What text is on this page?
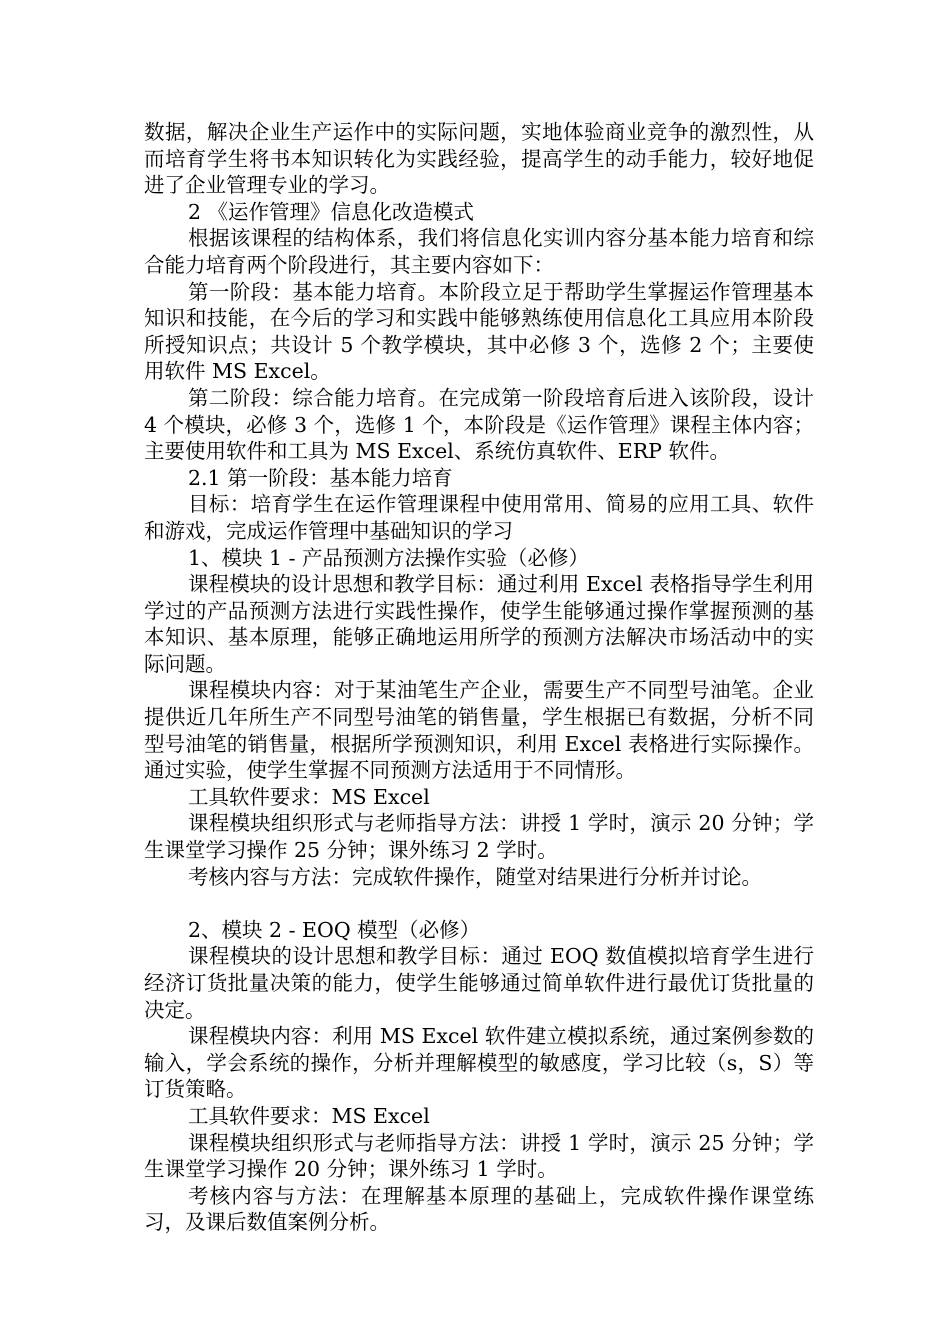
数据，解决企业生产运作中的实际问题，实地体验商业竞争的激烈性，从而培育学生将书本知识转化为实践经验，提高学生的动手能力，较好地促进了企业管理专业的学习。

2 《运作管理》信息化改造模式

根据该课程的结构体系，我们将信息化实训内容分基本能力培育和综合能力培育两个阶段进行，其主要内容如下：

第一阶段：基本能力培育。本阶段立足于帮助学生掌握运作管理基本知识和技能，在今后的学习和实践中能够熟练使用信息化工具应用本阶段所授知识点；共设计 5 个教学模块，其中必修 3 个，选修 2 个；主要使用软件 MS Excel。

第二阶段：综合能力培育。在完成第一阶段培育后进入该阶段，设计 4 个模块，必修 3 个，选修 1 个，本阶段是《运作管理》课程主体内容；主要使用软件和工具为 MS Excel、系统仿真软件、ERP 软件。

2.1 第一阶段：基本能力培育

目标：培育学生在运作管理课程中使用常用、简易的应用工具、软件和游戏，完成运作管理中基础知识的学习

1、模块 1 - 产品预测方法操作实验（必修）

课程模块的设计思想和教学目标：通过利用 Excel 表格指导学生利用学过的产品预测方法进行实践性操作，使学生能够通过操作掌握预测的基本知识、基本原理，能够正确地运用所学的预测方法解决市场活动中的实际问题。

课程模块内容：对于某油笔生产企业，需要生产不同型号油笔。企业提供近几年所生产不同型号油笔的销售量，学生根据已有数据，分析不同型号油笔的销售量，根据所学预测知识，利用 Excel 表格进行实际操作。通过实验，使学生掌握不同预测方法适用于不同情形。

工具软件要求：MS Excel

课程模块组织形式与老师指导方法：讲授 1 学时，演示 20 分钟；学生课堂学习操作 25 分钟；课外练习 2 学时。

考核内容与方法：完成软件操作，随堂对结果进行分析并讨论。

2、模块 2 - EOQ 模型（必修）

课程模块的设计思想和教学目标：通过 EOQ 数值模拟培育学生进行经济订货批量决策的能力，使学生能够通过简单软件进行最优订货批量的决定。

课程模块内容：利用 MS Excel 软件建立模拟系统，通过案例参数的输入，学会系统的操作，分析并理解模型的敏感度，学习比较（s，S）等订货策略。

工具软件要求：MS Excel

课程模块组织形式与老师指导方法：讲授 1 学时，演示 25 分钟；学生课堂学习操作 20 分钟；课外练习 1 学时。

考核内容与方法：在理解基本原理的基础上，完成软件操作课堂练习，及课后数值案例分析。
